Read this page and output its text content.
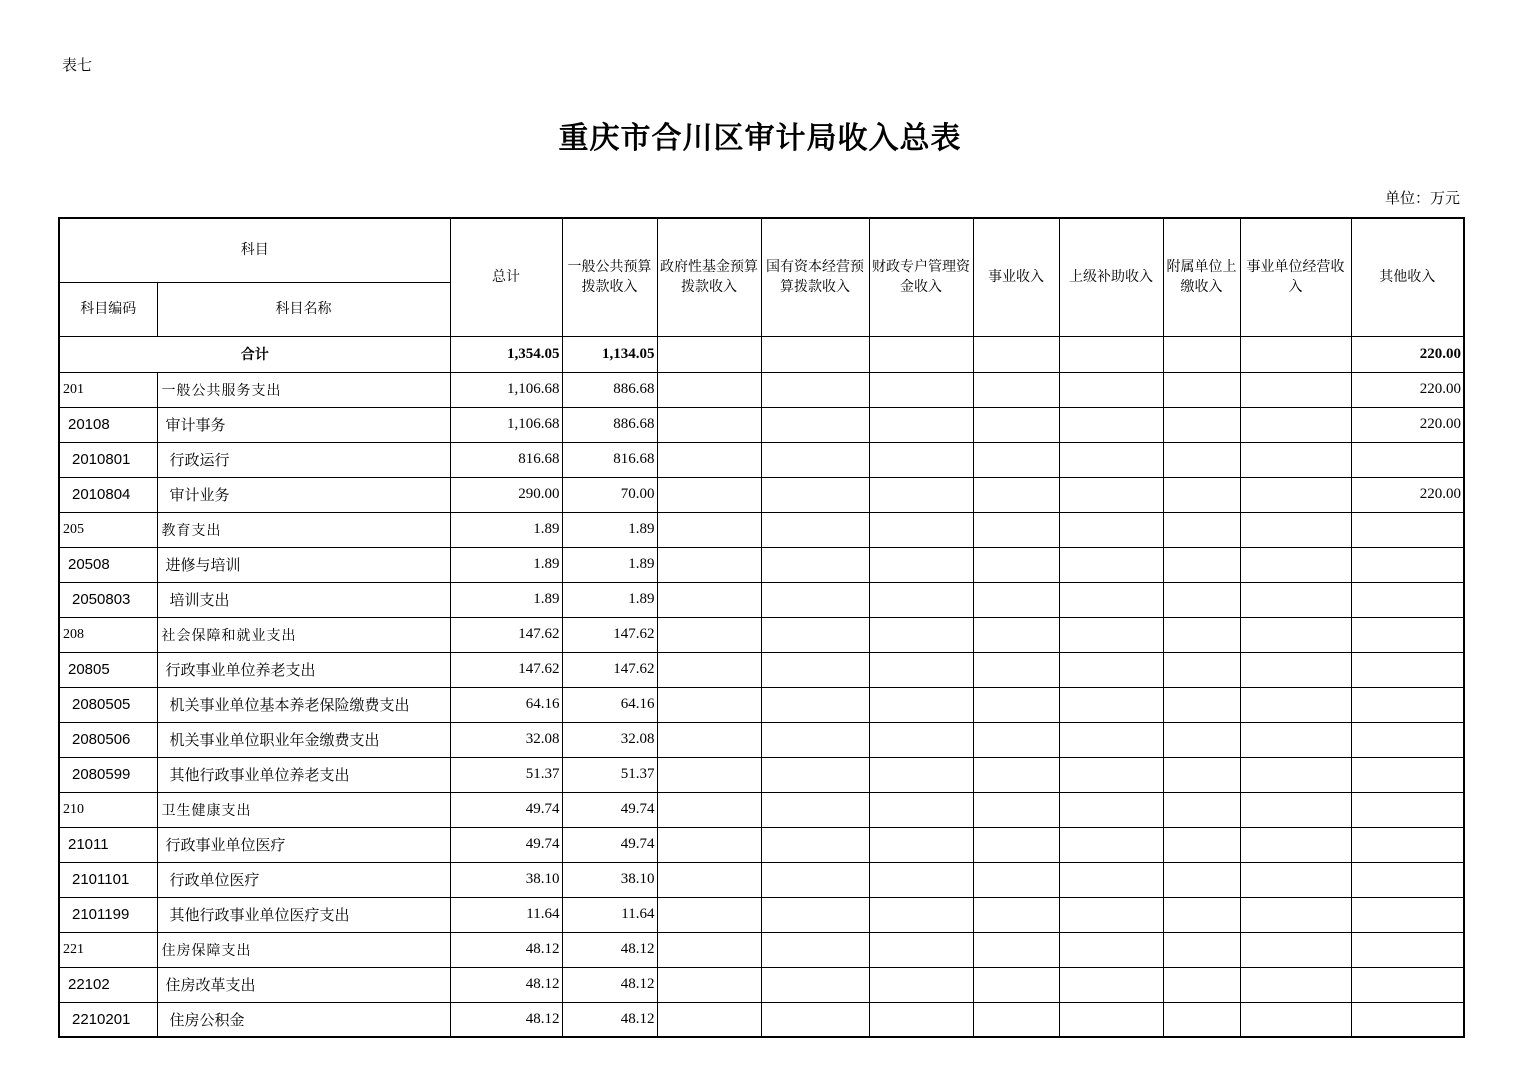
表七
重庆市合川区审计局收入总表
单位：万元
科目		总计	一般公共预算拨款收入	政府性基金预算拨款收入	国有资本经营预算拨款收入	财政专户管理资金收入	事业收入	上级补助收入	附属单位上缴收入	事业单位经营收入	其他收入
科目编码	科目名称										
合计		1,354.05	1,134.05								220.00
201	一般公共服务支出	1,106.68	886.68								220.00
20108	审计事务	1,106.68	886.68								220.00
2010801	行政运行	816.68	816.68								
2010804	审计业务	290.00	70.00								220.00
205	教育支出	1.89	1.89								
20508	进修与培训	1.89	1.89								
2050803	培训支出	1.89	1.89								
208	社会保障和就业支出	147.62	147.62								
20805	行政事业单位养老支出	147.62	147.62								
2080505	机关事业单位基本养老保险缴费支出	64.16	64.16								
2080506	机关事业单位职业年金缴费支出	32.08	32.08								
2080599	其他行政事业单位养老支出	51.37	51.37								
210	卫生健康支出	49.74	49.74								
21011	行政事业单位医疗	49.74	49.74								
2101101	行政单位医疗	38.10	38.10								
2101199	其他行政事业单位医疗支出	11.64	11.64								
221	住房保障支出	48.12	48.12								
22102	住房改革支出	48.12	48.12								
2210201	住房公积金	48.12	48.12								
